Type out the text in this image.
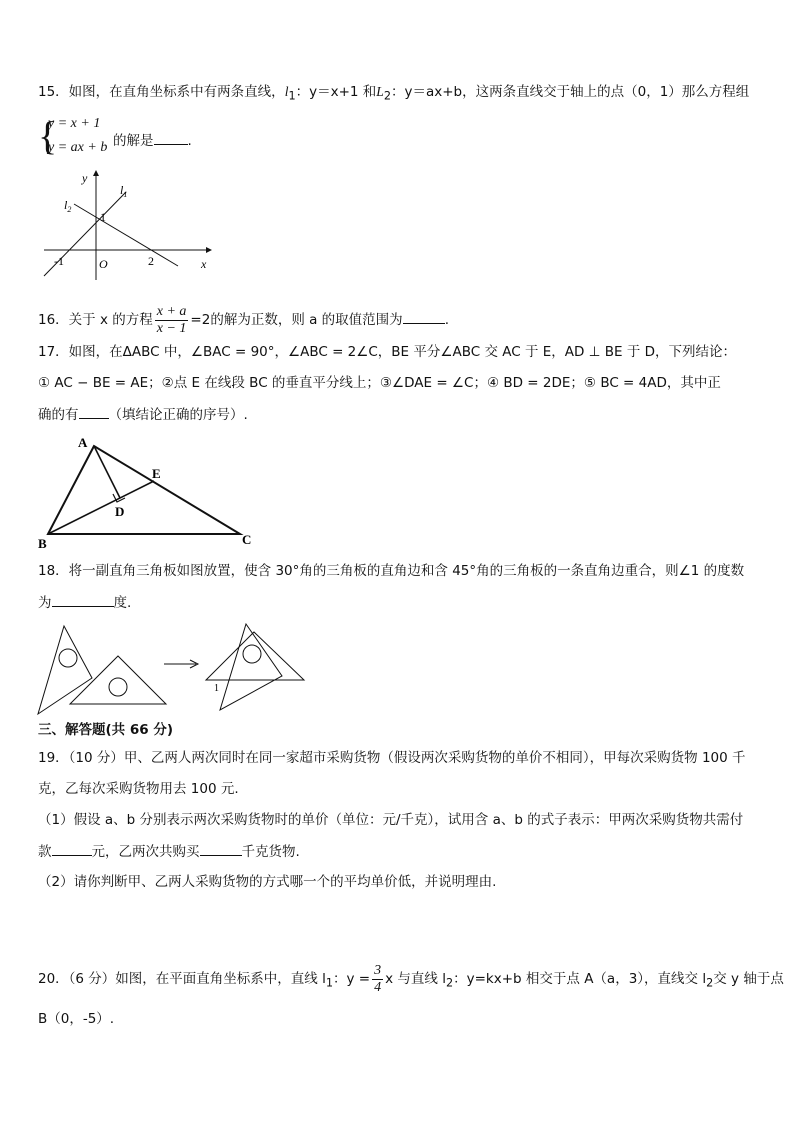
15．如图，在直角坐标系中有两条直线，$l_1$：y＝x+1 和$L_2$：y＝ax+b，这两条直线交于轴上的点（0，1）那么方程组
{
y = x + 1
y = ax + b 的解是	.
y
x
O
-1
1
2
$l_1$
$l_2$
16．关于 x 的方程 $\frac{x + a}{x - 1} =2$的解为正数，则 a 的取值范围为	.
17．如图，在ΔABC 中，∠BAC = 90°，∠ABC = 2∠C，BE 平分∠ABC 交 AC 于 E，AD ⊥ BE 于 D，下列结论：
① AC − BE = AE；②点 E 在线段 BC 的垂直平分线上；③∠DAE = ∠C；④ BD = 2DE；⑤ BC = 4AD，其中正
确的有 （填结论正确的序号）.
A
B	C
D
E
18．将一副直角三角板如图放置，使含 30°角的三角板的直角边和含 45°角的三角板的一条直角边重合，则∠1 的度数
为	度.
1
三、解答题(共 66 分)
19．（10 分）甲、乙两人两次同时在同一家超市采购货物（假设两次采购货物的单价不相同），甲每次采购货物 100 千
克，乙每次采购货物用去 100 元.
（1）假设 a、b 分别表示两次采购货物时的单价（单位：元/千克），试用含 a、b 的式子表示：甲两次采购货物共需付
款	元，乙两次共购买	千克货物.
（2）请你判断甲、乙两人采购货物的方式哪一个的平均单价低，并说明理由.
20．（6 分）如图，在平面直角坐标系中，直线 $l_1$：$y = \frac{3}{4}$ x 与直线 $l_2$：y=kx+b 相交于点 A（a，3），直线交 $l_2$交 y 轴于点
B（0，-5）.
